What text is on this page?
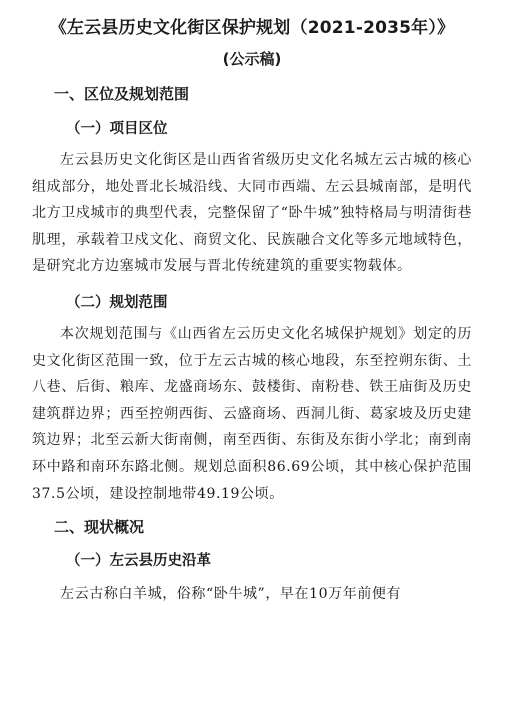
《左云县历史文化街区保护规划（2021-2035年）》
(公示稿)
一、区位及规划范围
（一）项目区位

左云县历史文化街区是山西省省级历史文化名城左云古城的核心组成部分，地处晋北长城沿线、大同市西端、左云县城南部，是明代北方卫戍城市的典型代表，完整保留了“卧牛城”独特格局与明清街巷肌理，承载着卫戍文化、商贸文化、民族融合文化等多元地域特色，是研究北方边塞城市发展与晋北传统建筑的重要实物载体。

（二）规划范围

本次规划范围与《山西省左云历史文化名城保护规划》划定的历史文化街区范围一致，位于左云古城的核心地段，东至控朔东街、土八巷、后街、粮库、龙盛商场东、鼓楼街、南粉巷、铁王庙街及历史建筑群边界；西至控朔西街、云盛商场、西洞儿街、葛家坡及历史建筑边界；北至云新大街南侧，南至西街、东街及东街小学北；南到南环中路和南环东路北侧。规划总面积86.69公顷，其中核心保护范围37.5公顷，建设控制地带49.19公顷。

二、现状概况
（一）左云县历史沿革

左云古称白羊城，俗称“卧牛城”，早在10万年前便有
